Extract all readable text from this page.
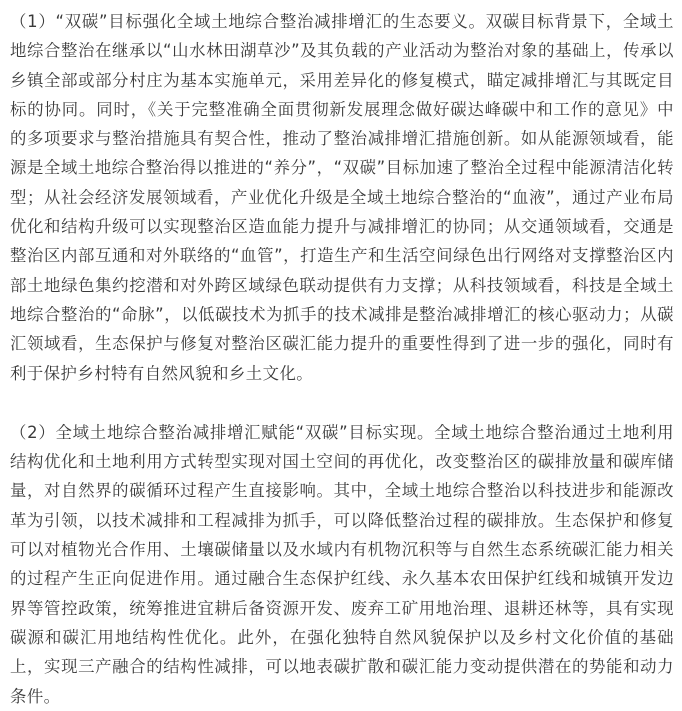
（1）“双碳”目标强化全域土地综合整治减排增汇的生态要义。双碳目标背景下，全域土地综合整治在继承以“山水林田湖草沙”及其负载的产业活动为整治对象的基础上，传承以乡镇全部或部分村庄为基本实施单元，采用差异化的修复模式，瞄定减排增汇与其既定目标的协同。同时，《关于完整准确全面贯彻新发展理念做好碳达峰碳中和工作的意见》中的多项要求与整治措施具有契合性，推动了整治减排增汇措施创新。如从能源领域看，能源是全域土地综合整治得以推进的“养分”，“双碳”目标加速了整治全过程中能源清洁化转型；从社会经济发展领域看，产业优化升级是全域土地综合整治的“血液”，通过产业布局优化和结构升级可以实现整治区造血能力提升与减排增汇的协同；从交通领域看，交通是整治区内部互通和对外联络的“血管”，打造生产和生活空间绿色出行网络对支撑整治区内部土地绿色集约挖潜和对外跨区域绿色联动提供有力支撑；从科技领域看，科技是全域土地综合整治的“命脉”，以低碳技术为抓手的技术减排是整治减排增汇的核心驱动力；从碳汇领域看，生态保护与修复对整治区碳汇能力提升的重要性得到了进一步的强化，同时有利于保护乡村特有自然风貌和乡土文化。

（2）全域土地综合整治减排增汇赋能“双碳”目标实现。全域土地综合整治通过土地利用结构优化和土地利用方式转型实现对国土空间的再优化，改变整治区的碳排放量和碳库储量，对自然界的碳循环过程产生直接影响。其中，全域土地综合整治以科技进步和能源改革为引领，以技术减排和工程减排为抓手，可以降低整治过程的碳排放。生态保护和修复可以对植物光合作用、土壤碳储量以及水域内有机物沉积等与自然生态系统碳汇能力相关的过程产生正向促进作用。通过融合生态保护红线、永久基本农田保护红线和城镇开发边界等管控政策，统筹推进宜耕后备资源开发、废弃工矿用地治理、退耕还林等，具有实现碳源和碳汇用地结构性优化。此外，在强化独特自然风貌保护以及乡村文化价值的基础上，实现三产融合的结构性减排，可以地表碳扩散和碳汇能力变动提供潜在的势能和动力条件。
